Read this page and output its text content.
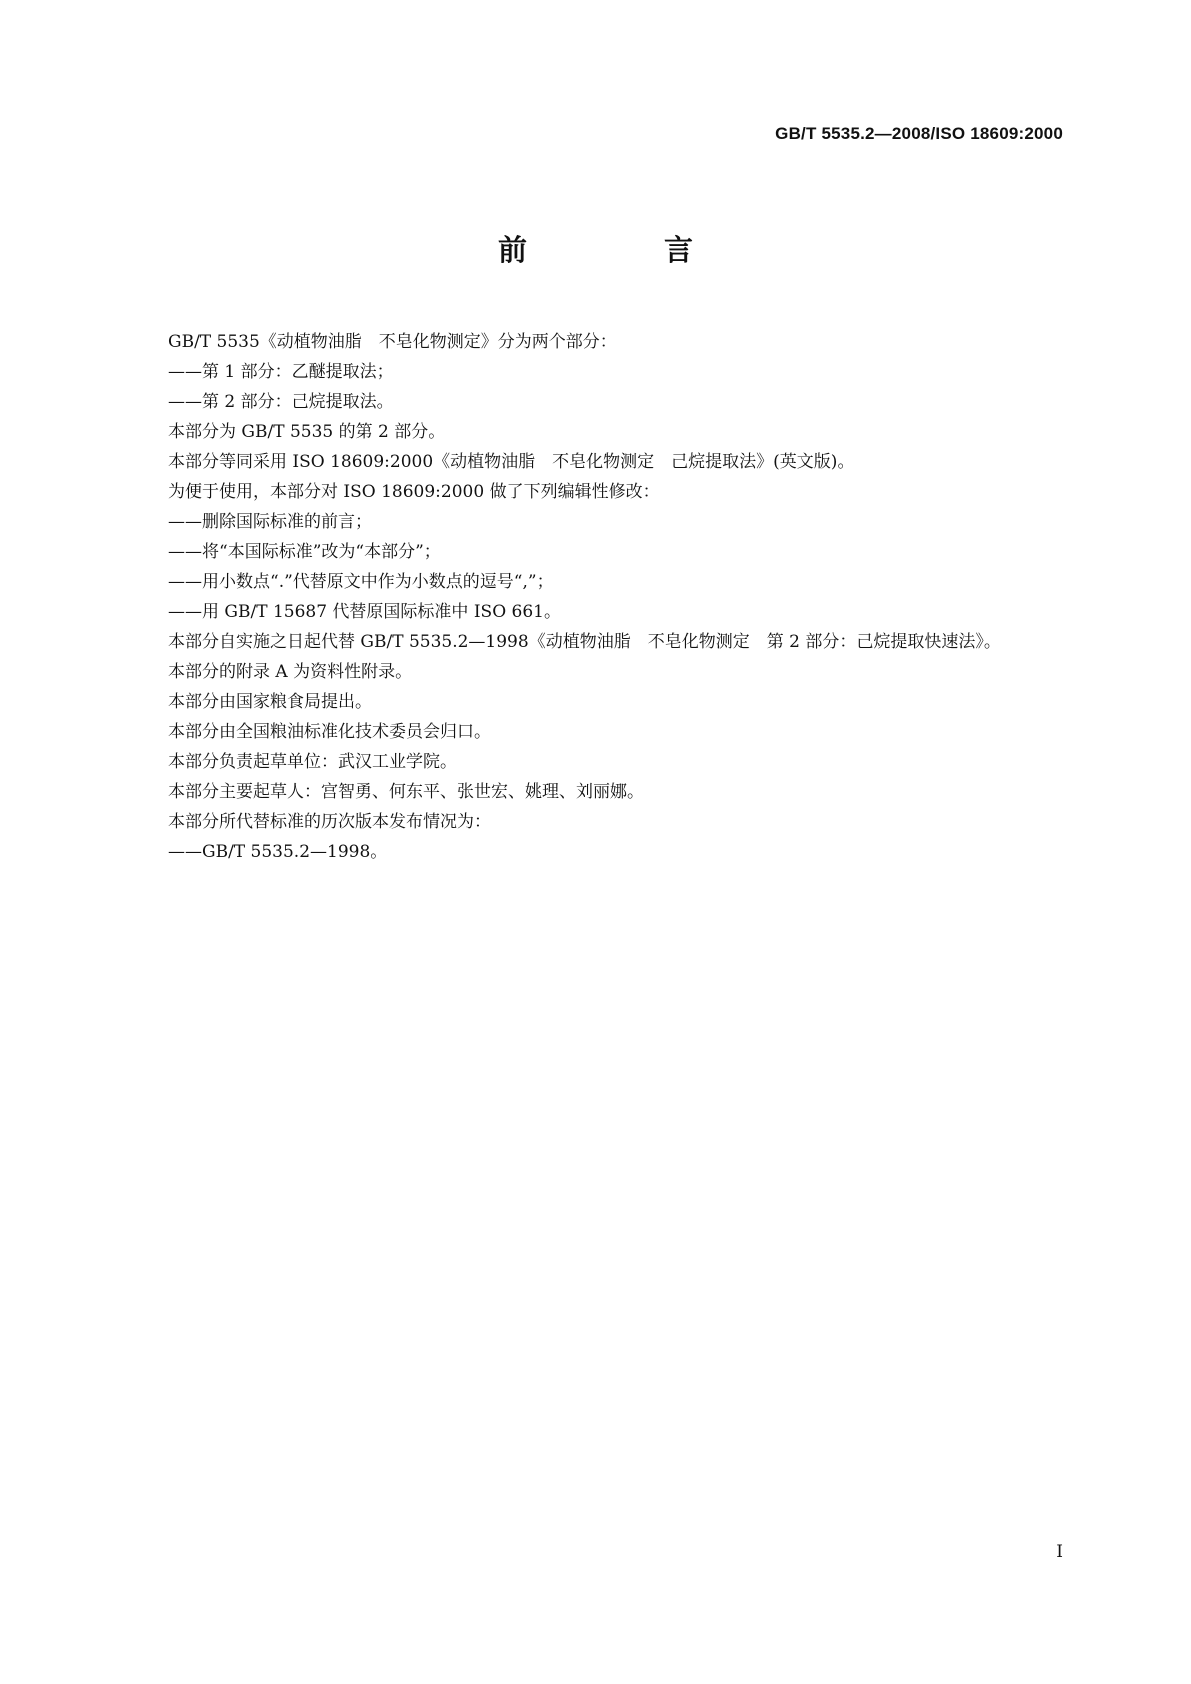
GB/T 5535.2—2008/ISO 18609:2000
前　言

GB/T 5535《动植物油脂　不皂化物测定》分为两个部分：

——第 1 部分：乙醚提取法；

——第 2 部分：己烷提取法。

本部分为 GB/T 5535 的第 2 部分。

本部分等同采用 ISO 18609:2000《动植物油脂　不皂化物测定　己烷提取法》(英文版)。

为便于使用，本部分对 ISO 18609:2000 做了下列编辑性修改：

——删除国际标准的前言；

——将“本国际标准”改为“本部分”；

——用小数点“.”代替原文中作为小数点的逗号“,”；

——用 GB/T 15687 代替原国际标准中 ISO 661。

本部分自实施之日起代替 GB/T 5535.2—1998《动植物油脂　不皂化物测定　第 2 部分：己烷提取快速法》。

本部分的附录 A 为资料性附录。

本部分由国家粮食局提出。

本部分由全国粮油标准化技术委员会归口。

本部分负责起草单位：武汉工业学院。

本部分主要起草人：宫智勇、何东平、张世宏、姚理、刘丽娜。

本部分所代替标准的历次版本发布情况为：

——GB/T 5535.2—1998。

I
